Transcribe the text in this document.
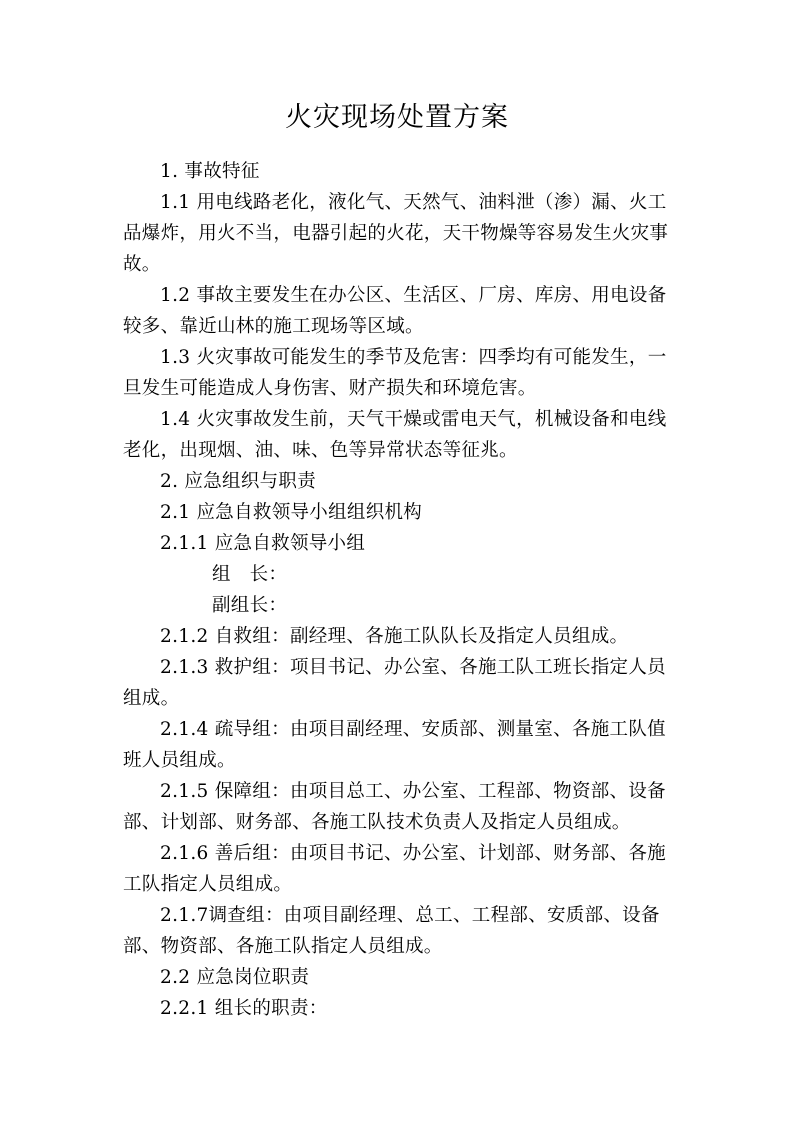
火灾现场处置方案

1. 事故特征

1.1 用电线路老化，液化气、天然气、油料泄（渗）漏、火工品爆炸，用火不当，电器引起的火花，天干物燥等容易发生火灾事故。

1.2 事故主要发生在办公区、生活区、厂房、库房、用电设备较多、靠近山林的施工现场等区域。

1.3 火灾事故可能发生的季节及危害：四季均有可能发生，一旦发生可能造成人身伤害、财产损失和环境危害。

1.4 火灾事故发生前，天气干燥或雷电天气，机械设备和电线老化，出现烟、油、味、色等异常状态等征兆。

2. 应急组织与职责

2.1 应急自救领导小组组织机构

2.1.1 应急自救领导小组

组　长：

副组长：

2.1.2 自救组：副经理、各施工队队长及指定人员组成。

2.1.3 救护组：项目书记、办公室、各施工队工班长指定人员组成。

2.1.4 疏导组：由项目副经理、安质部、测量室、各施工队值班人员组成。

2.1.5 保障组：由项目总工、办公室、工程部、物资部、设备部、计划部、财务部、各施工队技术负责人及指定人员组成。

2.1.6 善后组：由项目书记、办公室、计划部、财务部、各施工队指定人员组成。

2.1.7调查组：由项目副经理、总工、工程部、安质部、设备部、物资部、各施工队指定人员组成。

2.2 应急岗位职责

2.2.1 组长的职责：
